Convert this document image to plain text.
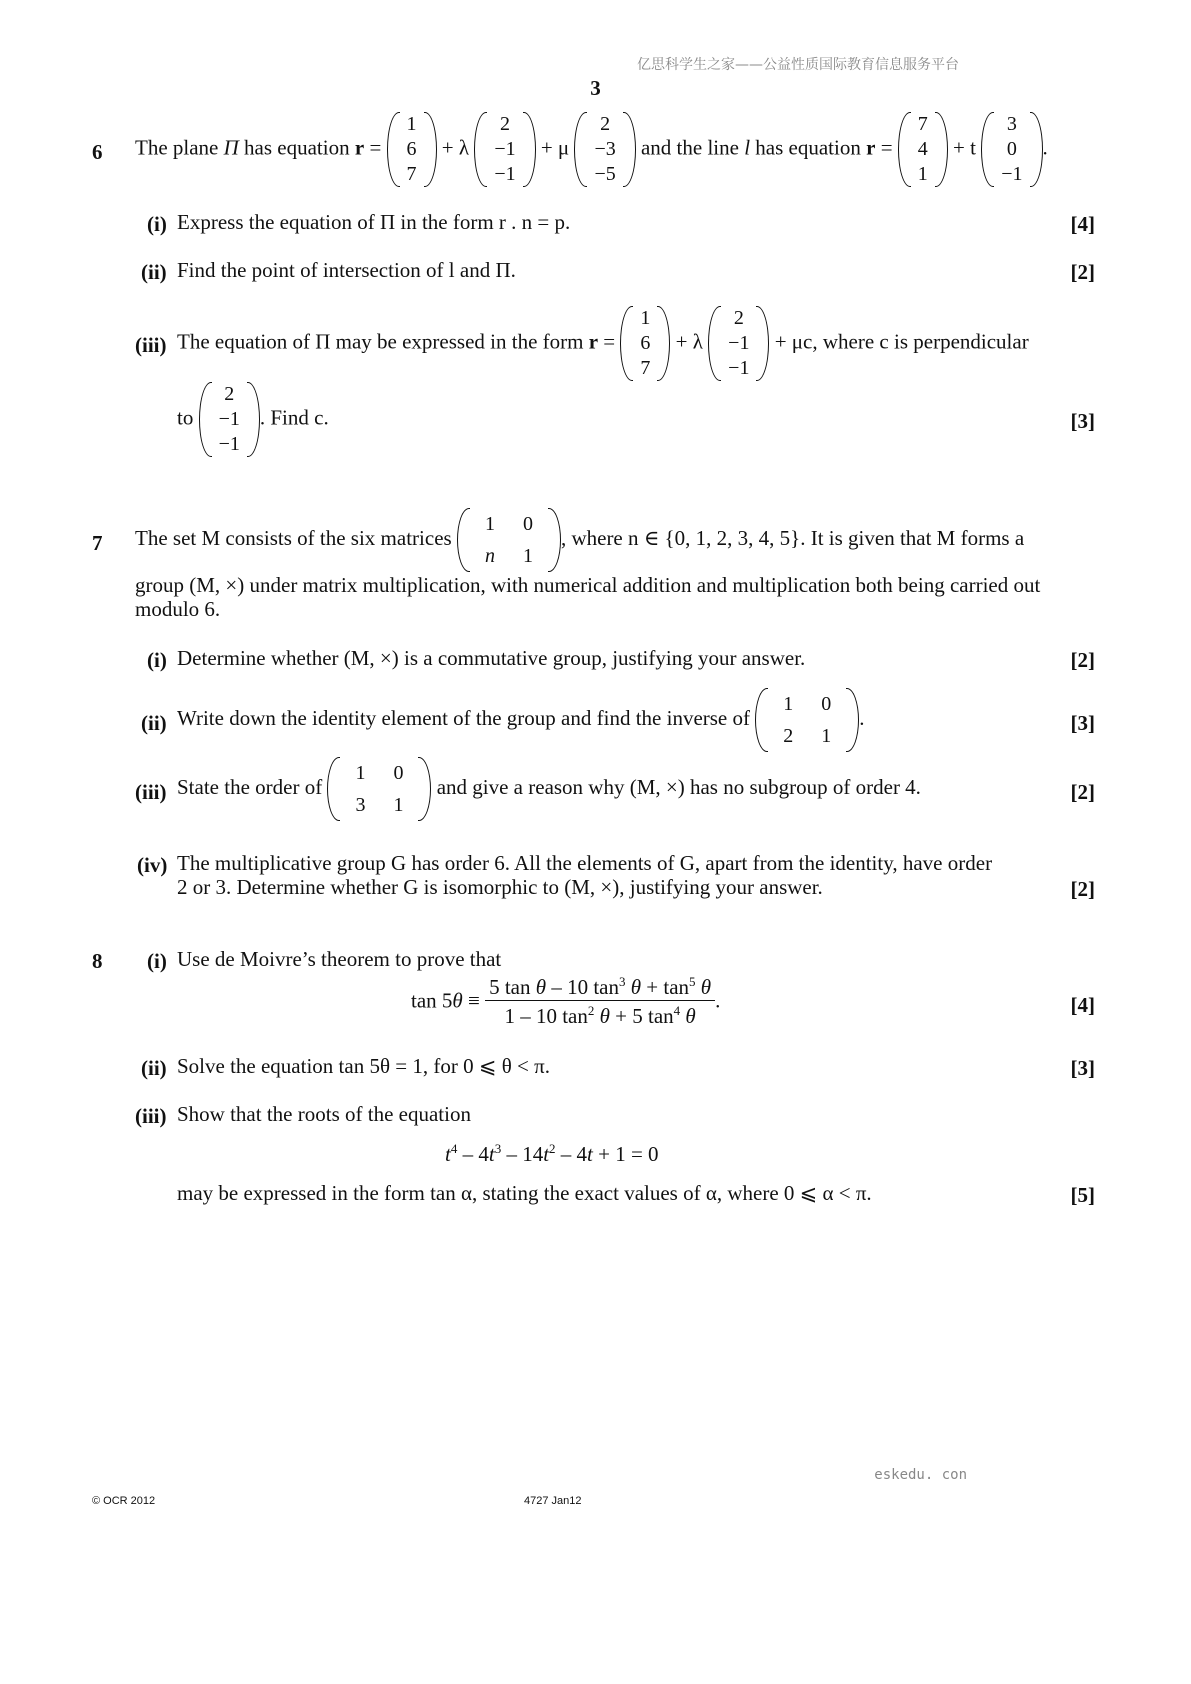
亿思科学生之家——公益性质国际教育信息服务平台
3
6 The plane Π has equation r =
1
6
7
+ λ
2
−1
−1
+ μ
2
−3
−5
and the line l has equation r =
7
4
1
+ t
3
0
−1
.
(i) Express the equation of Π in the form r . n = p.	[4]
(ii) Find the point of intersection of l and Π.	[2]
(iii) The equation of Π may be expressed in the form r =
1
6
7
+ λ
2
−1
−1
+ μc, where c is perpendicular
to
2
−1
−1
. Find c.	[3]
7 The set M consists of the six matrices
1	0
n	1
, where n ∈ {0, 1, 2, 3, 4, 5}. It is given that M forms a
group (M, ×) under matrix multiplication, with numerical addition and multiplication both being carried out
modulo 6.
(i) Determine whether (M, ×) is a commutative group, justifying your answer.	[2]
(ii) Write down the identity element of the group and find the inverse of
1	0
2	1
.	[3]
(iii) State the order of
1	0
3	1
and give a reason why (M, ×) has no subgroup of order 4.	[2]
(iv) The multiplicative group G has order 6. All the elements of G, apart from the identity, have order
2 or 3. Determine whether G is isomorphic to (M, ×), justifying your answer.	[2]
8 (i) Use de Moivre’s theorem to prove that
$\tan 5\theta \equiv \frac{5 \tan \theta - 10 \tan^3 \theta + \tan^5 \theta}{1 - 10 \tan^2 \theta + 5 \tan^4 \theta}$ .	[4]
(ii) Solve the equation tan 5θ = 1, for 0 ⩽ θ < π.	[3]
(iii) Show that the roots of the equation
$t^4 - 4t^3 - 14t^2 - 4t + 1 = 0$
may be expressed in the form tan α, stating the exact values of α, where 0 ⩽ α < π.	[5]
eskedu. con
© OCR 2012	4727 Jan12
